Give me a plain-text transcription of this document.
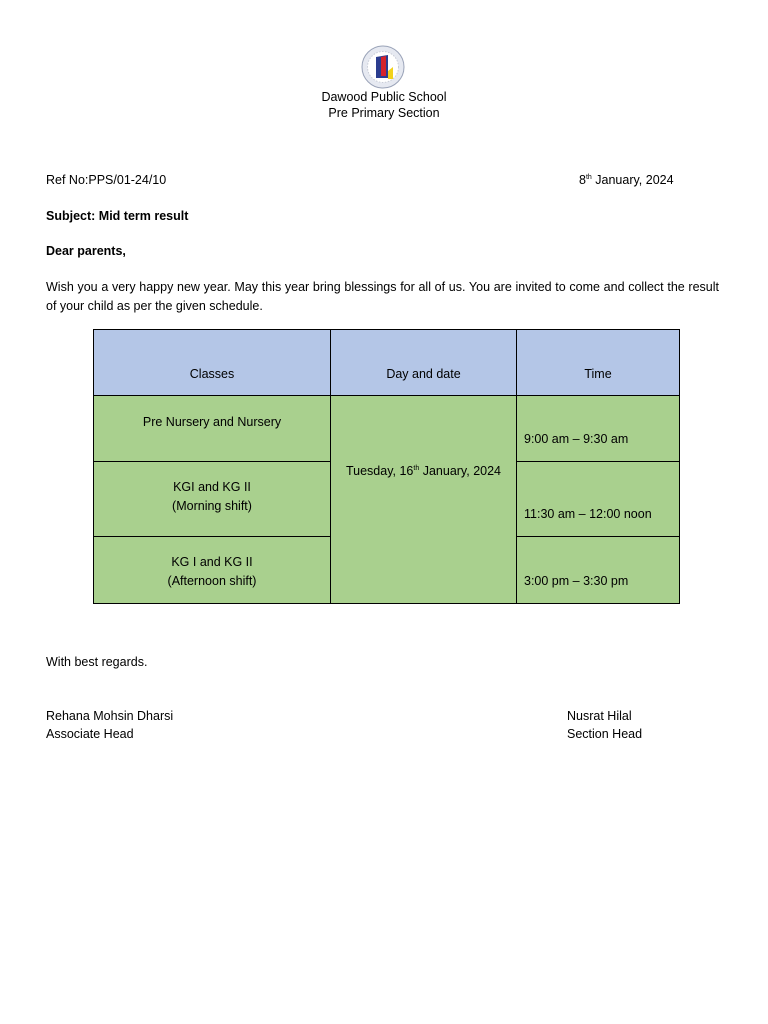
Dawood Public School
Pre Primary Section
Ref No:PPS/01-24/10	8th January, 2024
Subject: Mid term result
Dear parents,
Wish you a very happy new year. May this year bring blessings for all of us. You are invited to come and collect the result of your child as per the given schedule.
Classes	Day and date	Time

Pre Nursery and Nursery	Tuesday, 16th January, 2024	9:00 am – 9:30 am

KGI and KG II
(Morning shift)		11:30 am – 12:00 noon

KG I and KG II
(Afternoon shift)		3:00 pm – 3:30 pm
With best regards.
Rehana Mohsin Dharsi
Associate Head
Nusrat Hilal
Section Head
